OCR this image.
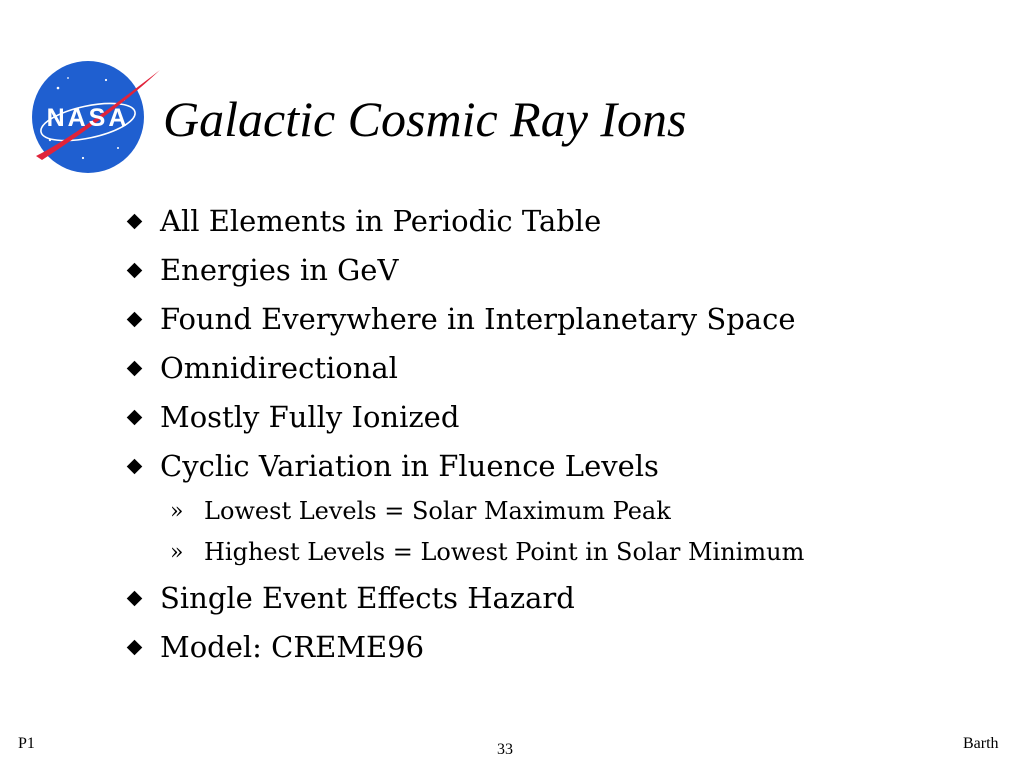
NASA Galactic Cosmic Ray Ions
All Elements in Periodic Table
Energies in GeV
Found Everywhere in Interplanetary Space
Omnidirectional
Mostly Fully Ionized
Cyclic Variation in Fluence Levels
» Lowest Levels = Solar Maximum Peak
» Highest Levels = Lowest Point in Solar Minimum
Single Event Effects Hazard
Model: CREME96
P1	33	Barth
